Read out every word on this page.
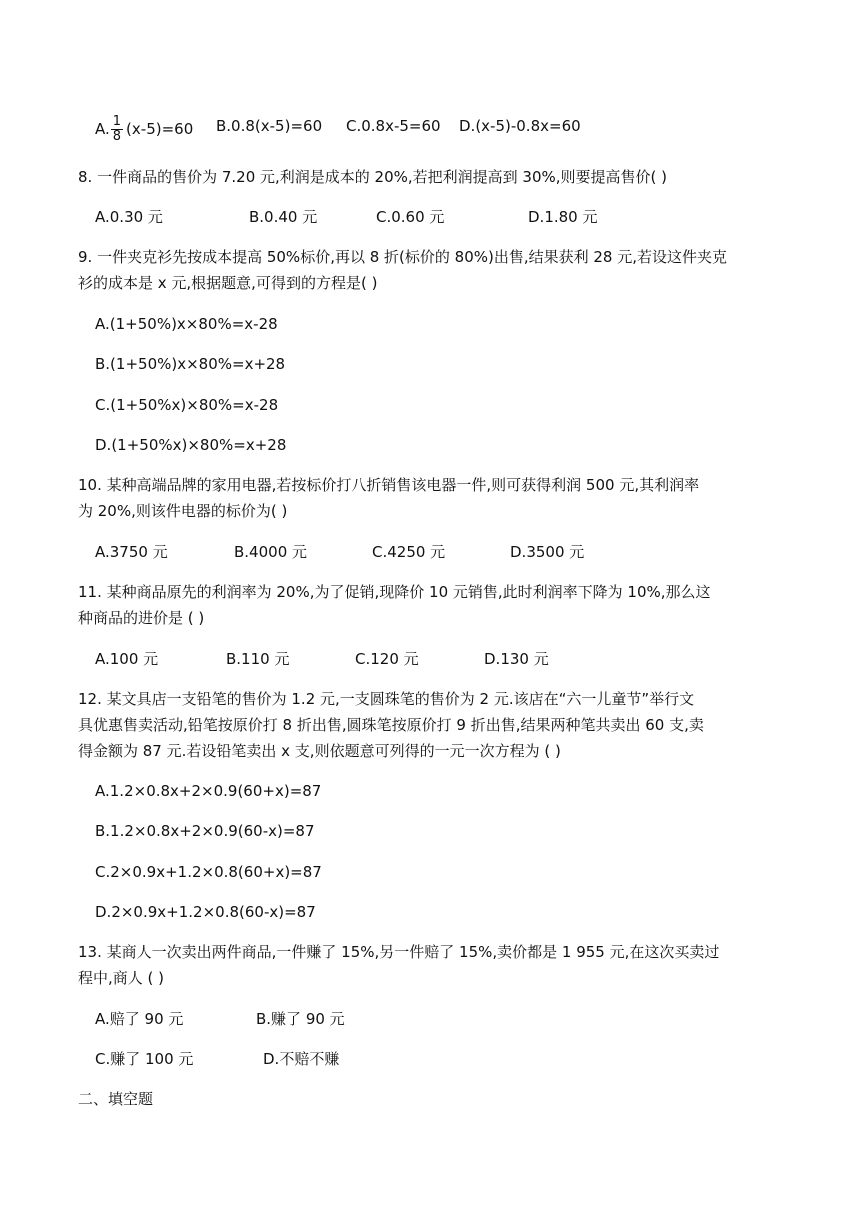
A. $\frac{1}{8} (x-5)=60$ B.0.8(x-5)=60 C.0.8x-5=60 D.(x-5)-0.8x=60
8. 一件商品的售价为 7.20 元,利润是成本的 20%,若把利润提高到 30%,则要提高售价( )
A.0.30 元	B.0.40 元	C.0.60 元	D.1.80 元
9. 一件夹克衫先按成本提高 50%标价,再以 8 折(标价的 80%)出售,结果获利 28 元,若设这件夹克
衫的成本是 x 元,根据题意,可得到的方程是( )
A.(1+50%)x×80%=x-28
B.(1+50%)x×80%=x+28
C.(1+50%x)×80%=x-28
D.(1+50%x)×80%=x+28
10. 某种高端品牌的家用电器,若按标价打八折销售该电器一件,则可获得利润 500 元,其利润率
为 20%,则该件电器的标价为( )
A.3750 元	B.4000 元	C.4250 元	D.3500 元
11. 某种商品原先的利润率为 20%,为了促销,现降价 10 元销售,此时利润率下降为 10%,那么这
种商品的进价是 ( )
A.100 元	B.110 元	C.120 元	D.130 元
12. 某文具店一支铅笔的售价为 1.2 元,一支圆珠笔的售价为 2 元.该店在“六一儿童节”举行文
具优惠售卖活动,铅笔按原价打 8 折出售,圆珠笔按原价打 9 折出售,结果两种笔共卖出 60 支,卖
得金额为 87 元.若设铅笔卖出 x 支,则依题意可列得的一元一次方程为 ( )
A.1.2×0.8x+2×0.9(60+x)=87
B.1.2×0.8x+2×0.9(60-x)=87
C.2×0.9x+1.2×0.8(60+x)=87
D.2×0.9x+1.2×0.8(60-x)=87
13. 某商人一次卖出两件商品,一件赚了 15%,另一件赔了 15%,卖价都是 1 955 元,在这次买卖过
程中,商人 ( )
A.赔了 90 元	B.赚了 90 元
C.赚了 100 元	D.不赔不赚
二、填空题
